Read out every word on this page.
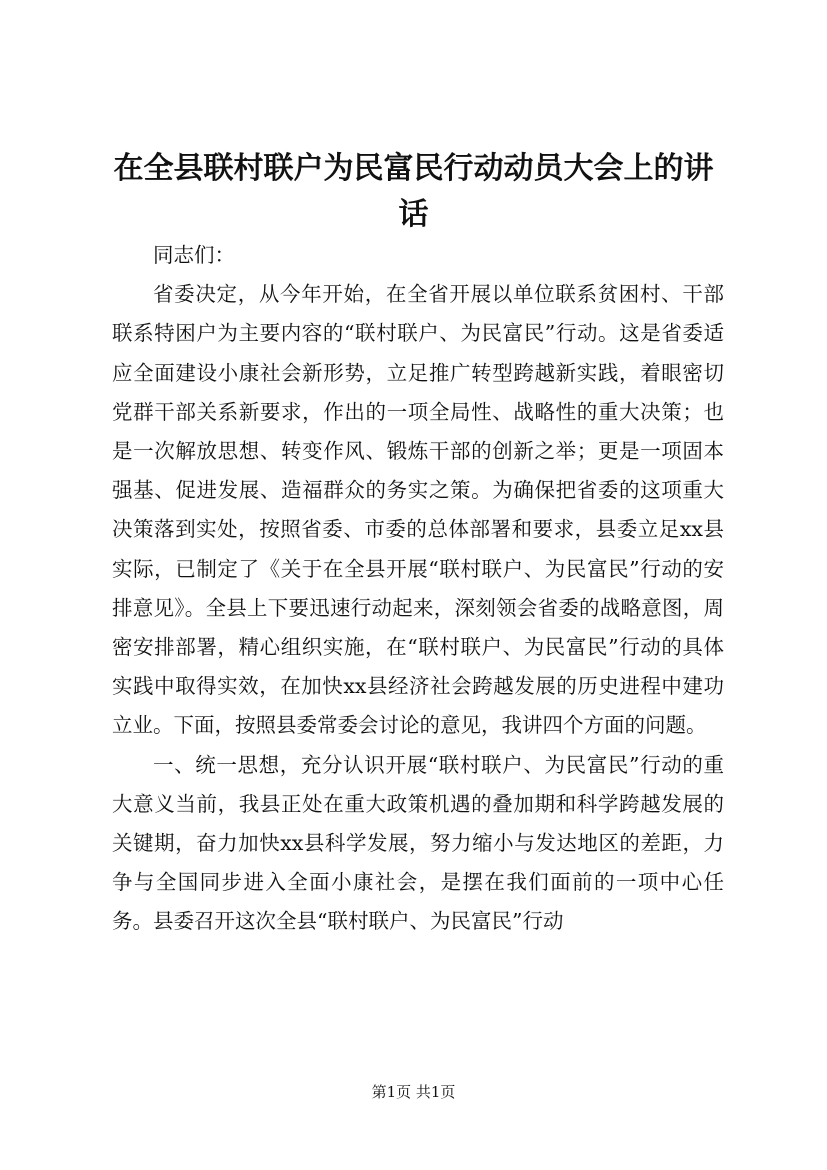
在全县联村联户为民富民行动动员大会上的讲话

同志们：

省委决定，从今年开始，在全省开展以单位联系贫困村、干部联系特困户为主要内容的“联村联户、为民富民”行动。这是省委适应全面建设小康社会新形势，立足推广转型跨越新实践，着眼密切党群干部关系新要求，作出的一项全局性、战略性的重大决策；也是一次解放思想、转变作风、锻炼干部的创新之举；更是一项固本强基、促进发展、造福群众的务实之策。为确保把省委的这项重大决策落到实处，按照省委、市委的总体部署和要求，县委立足xx县实际，已制定了《关于在全县开展“联村联户、为民富民”行动的安排意见》。全县上下要迅速行动起来，深刻领会省委的战略意图，周密安排部署，精心组织实施，在“联村联户、为民富民”行动的具体实践中取得实效，在加快xx县经济社会跨越发展的历史进程中建功立业。下面，按照县委常委会讨论的意见，我讲四个方面的问题。

一、统一思想，充分认识开展“联村联户、为民富民”行动的重大意义当前，我县正处在重大政策机遇的叠加期和科学跨越发展的关键期，奋力加快xx县科学发展，努力缩小与发达地区的差距，力争与全国同步进入全面小康社会，是摆在我们面前的一项中心任务。县委召开这次全县“联村联户、为民富民”行动

第1页 共1页
